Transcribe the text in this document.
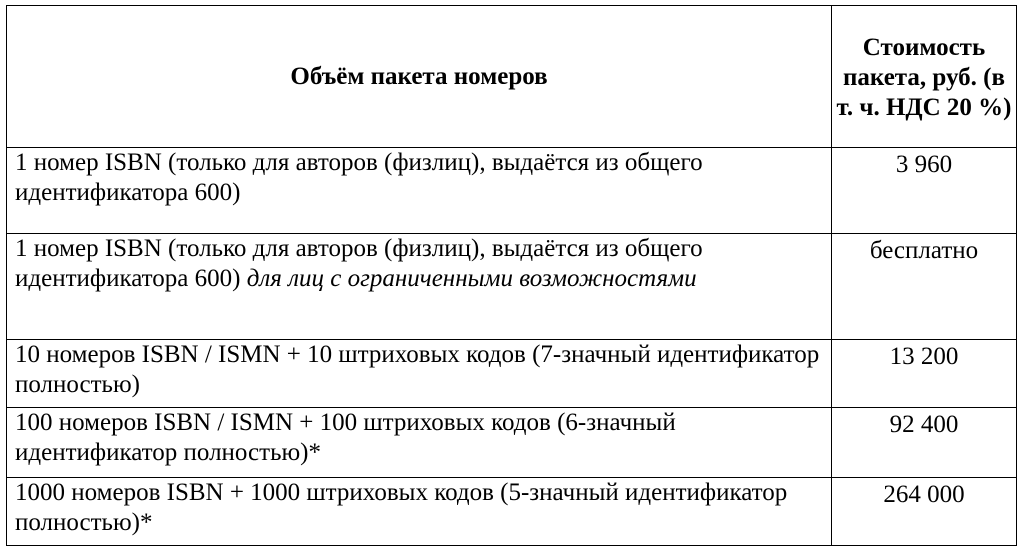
Объём пакета номеров	Стоимость пакета, руб. (в т. ч. НДС 20 %)
1 номер ISBN (только для авторов (физлиц), выдаётся из общего идентификатора 600)	3 960
1 номер ISBN (только для авторов (физлиц), выдаётся из общего идентификатора 600) для лиц с ограниченными возможностями	бесплатно
10 номеров ISBN / ISMN + 10 штриховых кодов (7-значный идентификатор полностью)	13 200
100 номеров ISBN / ISMN + 100 штриховых кодов (6-значный идентификатор полностью)*	92 400
1000 номеров ISBN + 1000 штриховых кодов (5-значный идентификатор полностью)*	264 000
